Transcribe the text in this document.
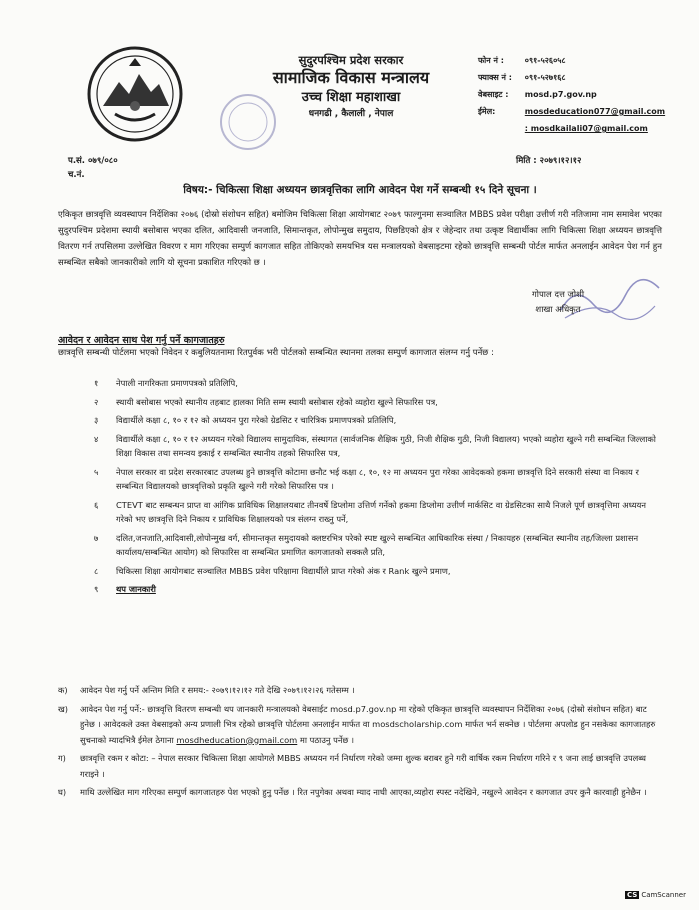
सुदुरपश्चिम प्रदेश सरकार
सामाजिक विकास मन्त्रालय
उच्च शिक्षा महाशाखा
धनगढी , कैलाली , नेपाल
फोन नं :	०९१-५२६०५८
फ्याक्स नं : ०९१-५२७१६८
वेबसाइट : mosd.p7.gov.np
ईमेल:	mosdeducation077@gmail.com
: mosdkailali07@gmail.com
प.सं. ०७९/०८०
च.नं.
मिति : २०७९।१२।१२
विषय:- चिकित्सा शिक्षा अध्ययन छात्रवृत्तिका लागि आवेदन पेश गर्ने सम्बन्धी १५ दिने सूचना ।
एकिकृत छात्रवृत्ति व्यवस्थापन निर्देशिका २०७६ (दोस्रो संशोधन सहित) बमोजिम चिकित्सा शिक्षा आयोगबाट २०७९ फाल्गुनमा सञ्चालित MBBS प्रवेश परीक्षा उत्तीर्ण गरी नतिजामा नाम समावेश भएका सुदुरपश्चिम प्रदेशमा स्थायी बसोबास भएका दलित, आदिवासी जनजाति, सिमान्तकृत, लोपोन्मुख समुदाय, पिछडिएको क्षेत्र र जेहेन्दार तथा उत्कृष्ट विद्यार्थीका लागि चिकित्सा शिक्षा अध्ययन छात्रवृत्ति वितरण गर्न तपसिलमा उल्लेखित विवरण र माग गरिएका सम्पुर्ण कागजात सहित तोकिएको समयभित्र यस मन्त्रालयको वेबसाइटमा रहेको छात्रवृत्ति सम्बन्धी पोर्टल मार्फत अनलाईन आवेदन पेश गर्न हुन सम्बन्धित सबैको जानकारीको लागि यो सूचना प्रकाशित गरिएको छ ।
गोपाल दत्त जोशी
शाखा अधिकृत
आवेदन र आवेदन साथ पेश गर्नु पर्ने कागजातहरु
छात्रवृत्ति सम्बन्धी पोर्टलमा भएको निवेदन र कबुलियतनामा रितपुर्वक भरी पोर्टलको सम्बन्धित स्थानमा तलका सम्पुर्ण कागजात संलग्न गर्नु पर्नेछ :
१	नेपाली नागरिकता प्रमाणपत्रको प्रतिलिपि,
२	स्थायी बसोबास भएको स्थानीय तहबाट हालका मिति सम्म स्थायी बसोबास रहेको व्यहोरा खुल्ने सिफारिस पत्र,
३	विद्यार्थीले कक्षा ८, १० र १२ को अध्ययन पुरा गरेको ग्रेडसिट र चारित्रिक प्रमाणपत्रको प्रतिलिपि,
४	विद्यार्थीले कक्षा ८, १० र १२ अध्ययन गरेको विद्यालय सामुदायिक, संस्थागत (सार्वजनिक शैक्षिक गुठी, निजी शैक्षिक गुठी, निजी विद्यालय) भएको व्यहोरा खुल्ने गरी सम्बन्धित जिल्लाको शिक्षा विकास तथा समन्वय इकाई र सम्बन्धित स्थानीय तहको सिफारिस पत्र,
५	नेपाल सरकार वा प्रदेश सरकारबाट उपलब्ध हुने छात्रवृत्ति कोटामा छनौट भई कक्षा ८, १०, १२ मा अध्ययन पुरा गरेका आवेदकको हकमा छात्रवृत्ति दिने सरकारी संस्था वा निकाय र सम्बन्धित विद्यालयको छात्रवृत्तिको प्रकृति खुल्ने गरी गरेको सिफारिस पत्र ।
६	CTEVT बाट सम्बन्धन प्राप्त वा आंगिक प्राविधिक शिक्षालयबाट तीनवर्षे डिप्लोमा उत्तिर्ण गर्नेको हकमा डिप्लोमा उत्तीर्ण मार्कसिट वा ग्रेडसिटका साथै निजले पूर्ण छात्रवृत्तिमा अध्ययन गरेको भए छात्रवृत्ति दिने निकाय र प्राविधिक शिक्षालयको पत्र संलग्न राख्नु पर्ने,
७	दलित,जनजाति,आदिवासी,लोपोन्मुख वर्ग, सीमान्तकृत समुदायको क्लष्टरभित्र परेको स्पष्ट खुल्ने सम्बन्धित आधिकारिक संस्था / निकायहरु (सम्बन्धित स्थानीय तह/जिल्ला प्रशासन कार्यालय/सम्बन्धित आयोग) को सिफारिस वा सम्बन्धित प्रमाणित कागजातको सक्कलै प्रति,
८	चिकित्सा शिक्षा आयोगबाट सञ्चालित MBBS प्रवेश परिक्षामा विद्यार्थीले प्राप्त गरेको अंक र Rank खुल्ने प्रमाण,
९	थप जानकारी
क) आवेदन पेश गर्नु पर्ने अन्तिम मिति र समय:- २०७९।१२।१२ गते देखि २०७९।१२।२६ गतेसम्म ।
ख) आवेदन पेश गर्नु पर्ने:- छात्रवृत्ति वितरण सम्बन्धी थप जानकारी मन्त्रालयको वेबसाईट mosd.p7.gov.np मा रहेको एकिकृत छात्रवृत्ति व्यवस्थापन निर्देशिका २०७६ (दोस्रो संशोधन सहित) बाट हुनेछ । आवेदकले उक्त वेबसाइको अन्य प्रणाली भित्र रहेको छात्रवृत्ति पोर्टलमा अनलाईन मार्फत वा mosdscholarship.com मार्फत भर्न सक्नेछ । पोर्टलमा अपलोड हुन नसकेका कागजातहरु सुचनाको म्यादभित्रै ईमेल ठेगाना mosdheducation@gmail.com मा पठाउनु पर्नेछ ।
ग) छात्रवृत्ति रकम र कोटा: – नेपाल सरकार चिकित्सा शिक्षा आयोगले MBBS अध्ययन गर्न निर्धारण गरेको जम्मा शुल्क बराबर हुने गरी वार्षिक रकम निर्धारण गरिने र ९ जना लाई छात्रवृत्ति उपलब्ध गराइने ।
घ) माथि उल्लेखित माग गरिएका सम्पुर्ण कागजातहरु पेश भएको हुनु पर्नेछ । रित नपुगेका अथवा म्याद नाघी आएका,व्यहोरा स्पस्ट नदेखिने, नखुल्ने आवेदन र कागजात उपर कुनै कारवाही हुनेछैन ।
CS CamScanner
